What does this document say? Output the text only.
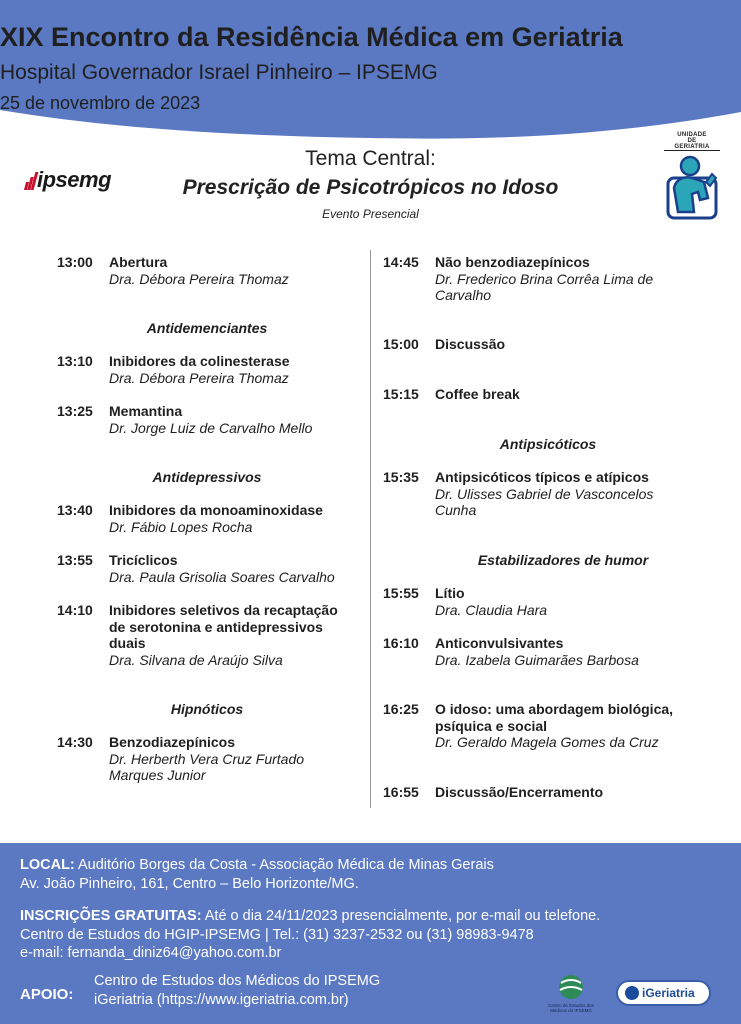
XIX Encontro da Residência Médica em Geriatria
Hospital Governador Israel Pinheiro – IPSEMG
25 de novembro de 2023
ipsemg
UNIDADE
DE
GERIATRIA
Tema Central:
Prescrição de Psicotrópicos no Idoso
Evento Presencial
13:00 Abertura
Dra. Débora Pereira Thomaz
Antidemenciantes
13:10 Inibidores da colinesterase
Dra. Débora Pereira Thomaz
13:25 Memantina
Dr. Jorge Luiz de Carvalho Mello
Antidepressivos
13:40 Inibidores da monoaminoxidase
Dr. Fábio Lopes Rocha
13:55 Tricíclicos
Dra. Paula Grisolia Soares Carvalho
14:10 Inibidores seletivos da recaptação
de serotonina e antidepressivos
duais
Dra. Silvana de Araújo Silva
Hipnóticos
14:30 Benzodiazepínicos
Dr. Herberth Vera Cruz Furtado
Marques Junior
14:45 Não benzodiazepínicos
Dr. Frederico Brina Corrêa Lima de
Carvalho
15:00 Discussão
15:15 Coffee break
Antipsicóticos
15:35 Antipsicóticos típicos e atípicos
Dr. Ulisses Gabriel de Vasconcelos
Cunha
Estabilizadores de humor
15:55 Lítio
Dra. Claudia Hara
16:10 Anticonvulsivantes
Dra. Izabela Guimarães Barbosa
16:25 O idoso: uma abordagem biológica,
psíquica e social
Dr. Geraldo Magela Gomes da Cruz
16:55 Discussão/Encerramento
LOCAL: Auditório Borges da Costa - Associação Médica de Minas Gerais
Av. João Pinheiro, 161, Centro – Belo Horizonte/MG.
INSCRIÇÕES GRATUITAS: Até o dia 24/11/2023 presencialmente, por e-mail ou telefone.
Centro de Estudos do HGIP-IPSEMG | Tel.: (31) 3237-2532 ou (31) 98983-9478
e-mail: fernanda_diniz64@yahoo.com.br
APOIO:
Centro de Estudos dos Médicos do IPSEMG
iGeriatria (https://www.igeriatria.com.br)	Centro de Estudos dos Médicos do IPSEMG
iGeriatria
